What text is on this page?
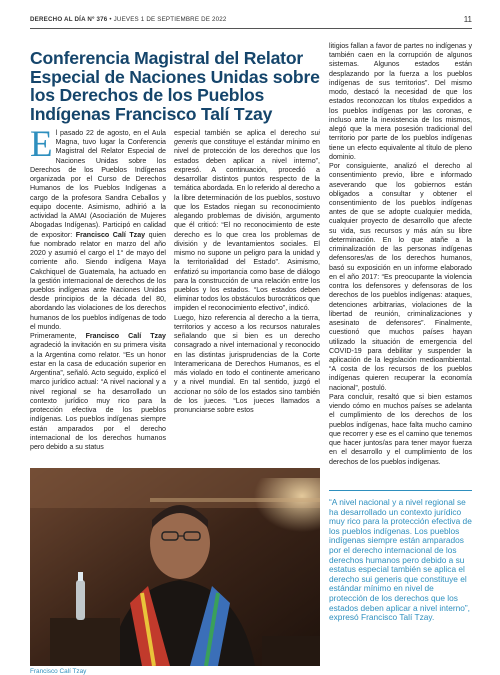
DERECHO AL DÍA Nº 376 • JUEVES 1 DE SEPTIEMBRE DE 2022	11
Conferencia Magistral del Relator Especial de Naciones Unidas sobre los Derechos de los Pueblos Indígenas Francisco Talí Tzay

El pasado 22 de agosto, en el Aula Magna, tuvo lugar la Conferencia Magistral del Relator Especial de Naciones Unidas sobre los Derechos de los Pueblos Indígenas organizada por el Curso de Derechos Humanos de los Pueblos Indígenas a cargo de la profesora Sandra Ceballos y equipo docente. Asimismo, adhirió a la actividad la AMAI (Asociación de Mujeres Abogadas Indígenas). Participó en calidad de expositor: Francisco Calí Tzay quien fue nombrado relator en marzo del año 2020 y asumió el cargo el 1° de mayo del corriente año. Siendo indígena Maya Cakchiquel de Guatemala, ha actuado en la gestión internacional de derechos de los pueblos indígenas ante Naciones Unidas desde principios de la década del 80, abordando las violaciones de los derechos humanos de los pueblos indígenas de todo el mundo.

Primeramente, Francisco Calí Tzay agradeció la invitación en su primera visita a la Argentina como relator. “Es un honor estar en la casa de educación superior en Argentina”, señaló. Acto seguido, explicó el marco jurídico actual: “A nivel nacional y a nivel regional se ha desarrollado un contexto jurídico muy rico para la protección efectiva de los pueblos indígenas. Los pueblos indígenas siempre están amparados por el derecho internacional de los derechos humanos pero debido a su status

especial también se aplica el derecho sui generis que constituye el estándar mínimo en nivel de protección de los derechos que los estados deben aplicar a nivel interno”, expresó. A continuación, procedió a desarrollar distintos puntos respecto de la temática abordada. En lo referido al derecho a la libre determinación de los pueblos, sostuvo que los Estados niegan su reconocimiento alegando problemas de división, argumento que él criticó: “El no reconocimiento de este derecho es lo que crea los problemas de división y de levantamientos sociales. El mismo no supone un peligro para la unidad y la territorialidad del Estado”. Asimismo, enfatizó su importancia como base de diálogo para la construcción de una relación entre los pueblos y los estados. “Los estados deben eliminar todos los obstáculos burocráticos que impiden el reconocimiento efectivo”, indicó.

Luego, hizo referencia al derecho a la tierra, territorios y acceso a los recursos naturales señalando que si bien es un derecho consagrado a nivel internacional y reconocido en las distintas jurisprudencias de la Corte Interamericana de Derechos Humanos, es el más violado en todo el continente americano y a nivel mundial. En tal sentido, juzgó el accionar no sólo de los estados sino también de los jueces. “Los jueces llamados a pronunciarse sobre estos

litigios fallan a favor de partes no indígenas y también caen en la corrupción de algunos sistemas. Algunos estados están desplazando por la fuerza a los pueblos indígenas de sus territorios”. Del mismo modo, destacó la necesidad de que los estados reconozcan los títulos expedidos a los pueblos indígenas por las coronas, e incluso ante la inexistencia de los mismos, alegó que la mera posesión tradicional del territorio por parte de los pueblos indígenas tiene un efecto equivalente al título de pleno dominio.

Por consiguiente, analizó el derecho al consentimiento previo, libre e informado aseverando que los gobiernos están obligados a consultar y obtener el consentimiento de los pueblos indígenas antes de que se adopte cualquier medida, cualquier proyecto de desarrollo que afecte su vida, sus recursos y más aún su libre determinación. En lo que atañe a la criminalización de las personas indígenas defensores/as de los derechos humanos, basó su exposición en un informe elaborado en el año 2017: “Es preocupante la violencia contra los defensores y defensoras de los derechos de los pueblos indígenas: ataques, detenciones arbitrarias, violaciones de la libertad de reunión, criminalizaciones y asesinato de defensores”. Finalmente, cuestionó que muchos países hayan utilizado la situación de emergencia del COVID-19 para debilitar y suspender la aplicación de la legislación medioambiental. “A costa de los recursos de los pueblos indígenas quieren recuperar la economía nacional”, postuló.

Para concluir, resaltó que si bien estamos viendo cómo en muchos países se adelanta el cumplimiento de los derechos de los pueblos indígenas, hace falta mucho camino que recorrer y ese es el camino que tenemos que hacer juntos/as para tener mayor fuerza en el desarrollo y el cumplimiento de los derechos de los pueblos indígenas.

Francisco Calí Tzay
“A nivel nacional y a nivel regional se ha desarrollado un contexto jurídico muy rico para la protección efectiva de los pueblos indígenas. Los pueblos indígenas siempre están amparados por el derecho internacional de los derechos humanos pero debido a su estatus especial también se aplica el derecho sui generis que constituye el estándar mínimo en nivel de protección de los derechos que los estados deben aplicar a nivel interno”, expresó Francisco Talí Tzay.
